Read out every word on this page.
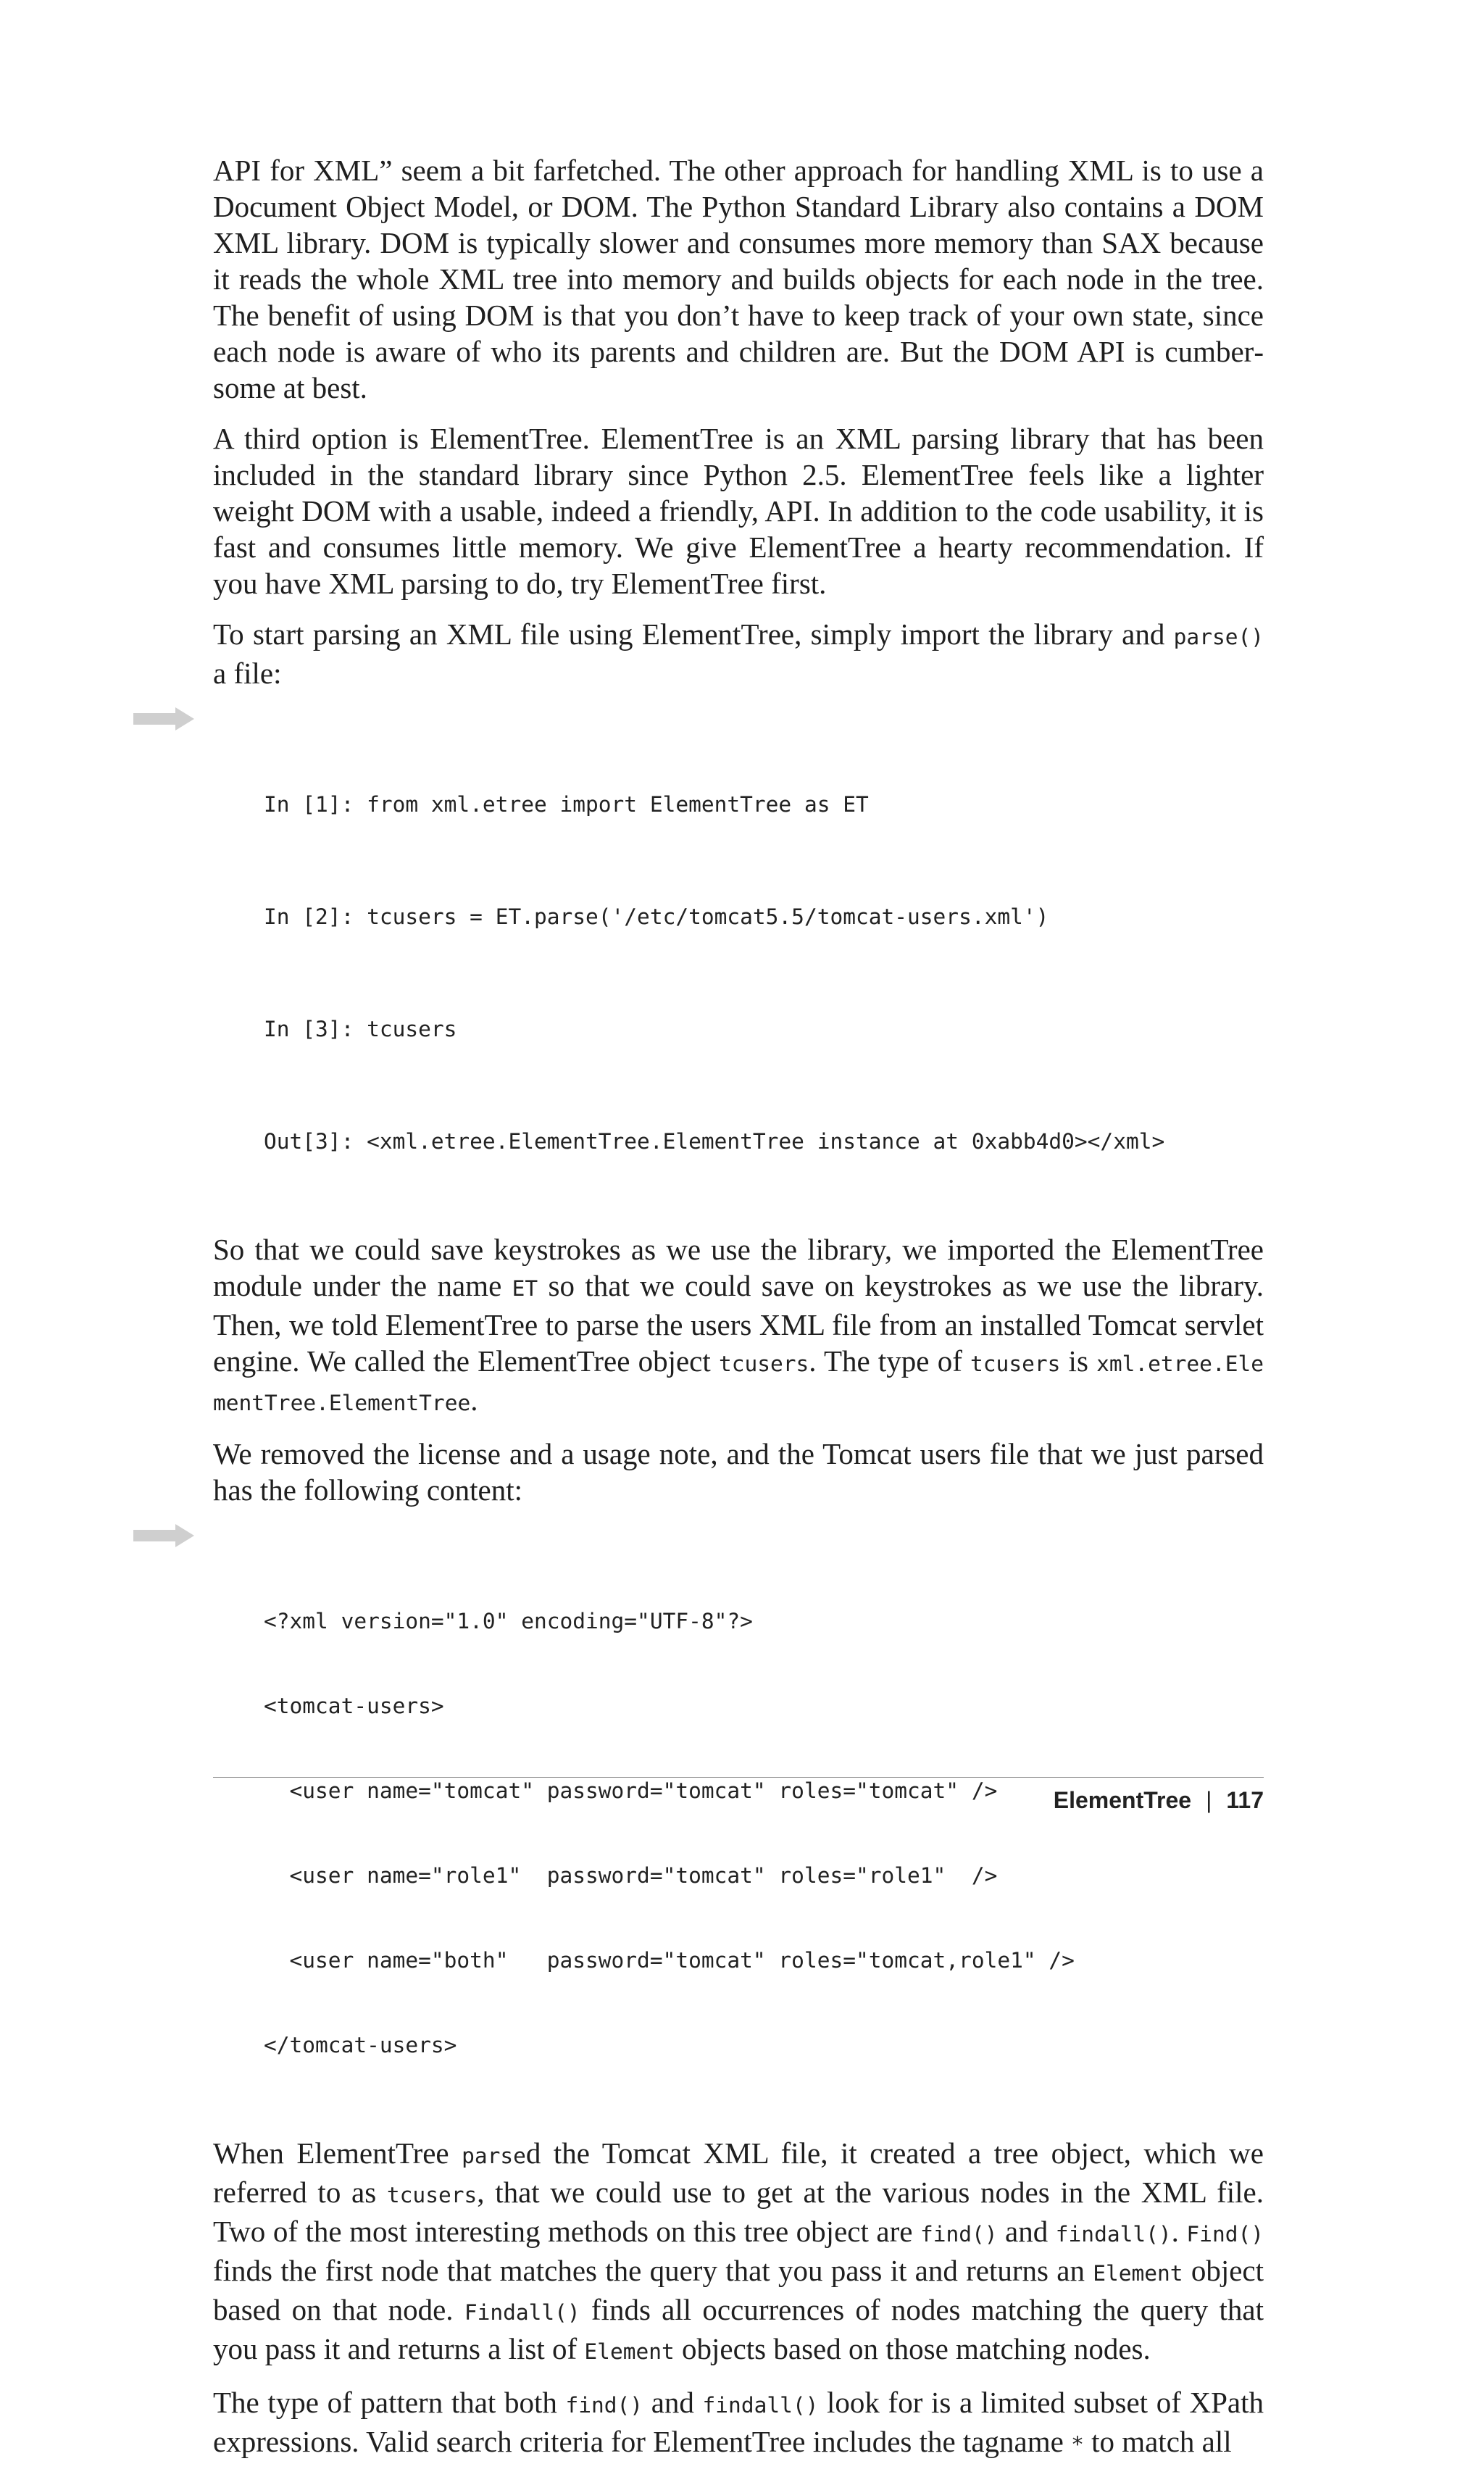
API for XML” seem a bit farfetched. The other approach for handling XML is to use a Document Object Model, or DOM. The Python Standard Library also contains a DOM XML library. DOM is typically slower and consumes more memory than SAX because it reads the whole XML tree into memory and builds objects for each node in the tree. The benefit of using DOM is that you don’t have to keep track of your own state, since each node is aware of who its parents and children are. But the DOM API is cumbersome at best.

A third option is ElementTree. ElementTree is an XML parsing library that has been included in the standard library since Python 2.5. ElementTree feels like a lighter weight DOM with a usable, indeed a friendly, API. In addition to the code usability, it is fast and consumes little memory. We give ElementTree a hearty recommendation. If you have XML parsing to do, try ElementTree first.

To start parsing an XML file using ElementTree, simply import the library and parse() a file:

In [1]: from xml.etree import ElementTree as ET

In [2]: tcusers = ET.parse('/etc/tomcat5.5/tomcat-users.xml')

In [3]: tcusers

Out[3]: <xml.etree.ElementTree.ElementTree instance at 0xabb4d0></xml>

So that we could save keystrokes as we use the library, we imported the ElementTree module under the name ET so that we could save on keystrokes as we use the library. Then, we told ElementTree to parse the users XML file from an installed Tomcat servlet engine. We called the ElementTree object tcusers. The type of tcusers is xml.etree.Ele mentTree.ElementTree.

We removed the license and a usage note, and the Tomcat users file that we just parsed has the following content:

<?xml version="1.0" encoding="UTF-8"?>

<tomcat-users>

<user name="tomcat" password="tomcat" roles="tomcat" />

<user name="role1"  password="tomcat" roles="role1"  />

<user name="both"   password="tomcat" roles="tomcat,role1" />

</tomcat-users>

When ElementTree parsed the Tomcat XML file, it created a tree object, which we referred to as tcusers, that we could use to get at the various nodes in the XML file. Two of the most interesting methods on this tree object are find() and findall(). Find() finds the first node that matches the query that you pass it and returns an Element object based on that node. Findall() finds all occurrences of nodes matching the query that you pass it and returns a list of Element objects based on those matching nodes.

The type of pattern that both find() and findall() look for is a limited subset of XPath expressions. Valid search criteria for ElementTree includes the tagname * to match all

ElementTree | 117
